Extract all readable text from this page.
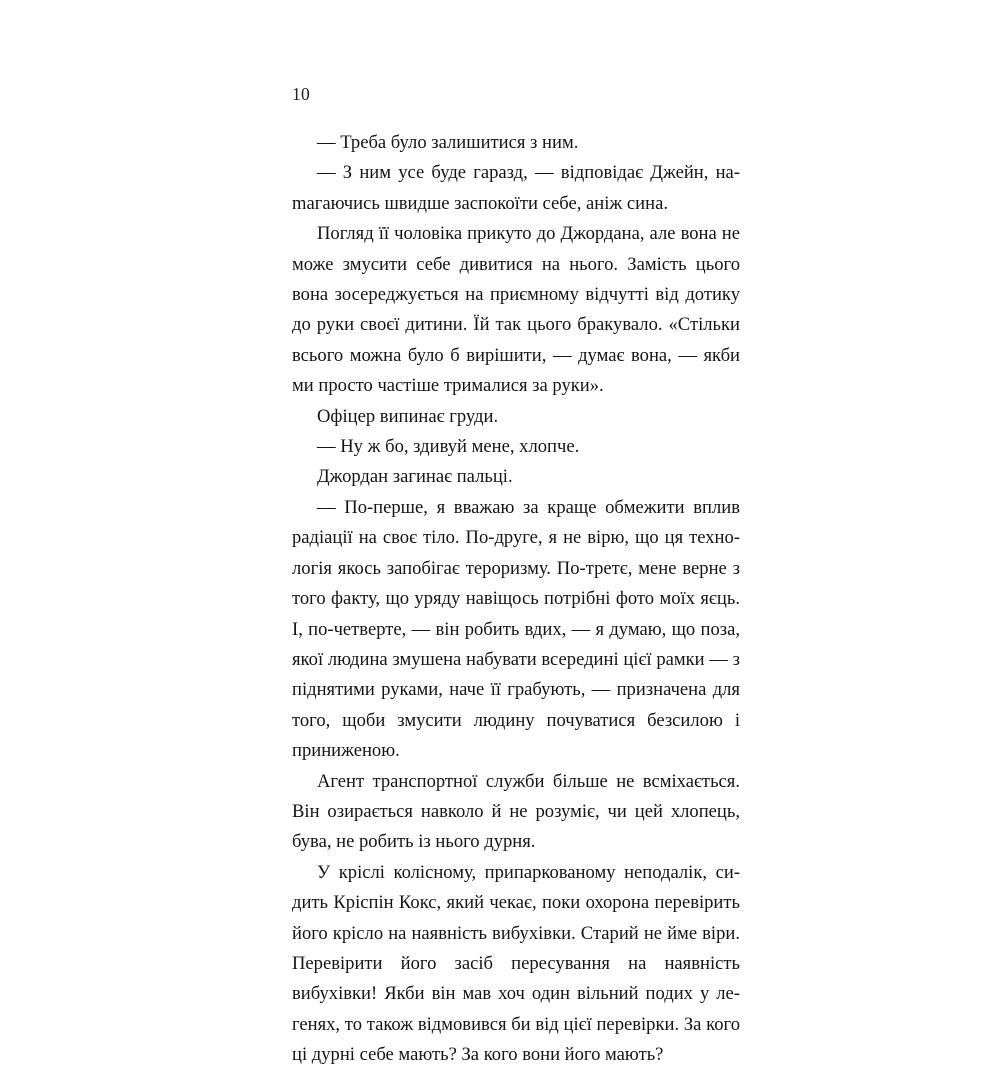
10

— Треба було залишитися з ним.

— З ним усе буде гаразд, — відповідає Джейн, наmагаючись швидше заспокоїти себе, аніж сина.

Погляд її чоловіка прикуто до Джордана, але вона не може змусити себе дивитися на нього. Замість цього вона зосереджується на приємному відчутті від дотику до руки своєї дитини. Їй так цього бракувало. «Стільки всього можна було б вирішити, — думає вона, — якби ми просто частіше трималися за руки».

Офіцер випинає груди.

— Ну ж бо, здивуй мене, хлопче.

Джордан загинає пальці.

— По-перше, я вважаю за краще обмежити вплив радіації на своє тіло. По-друге, я не вірю, що ця технологія якось запобігає тероризму. По-третє, мене верне з того факту, що уряду навіщось потрібні фото моїх яєць. І, по-четверте, — він робить вдих, — я думаю, що поза, якої людина змушена набувати всередині цієї рамки — з піднятими руками, наче її грабують, — призначена для того, щоби змусити людину почуватися безсилою і приниженою.

Агент транспортної служби більше не всміхається. Він озирається навколо й не розуміє, чи цей хлопець, бува, не робить із нього дурня.

У кріслі колісному, припаркованому неподалік, сидить Кріспін Кокс, який чекає, поки охорона перевірить його крісло на наявність вибухівки. Старий не йме віри. Перевірити його засіб пересування на наявність вибухівки! Якби він мав хоч один вільний подих у легенях, то також відмовився би від цієї перевірки. За кого ці дурні себе мають? За кого вони його мають?
